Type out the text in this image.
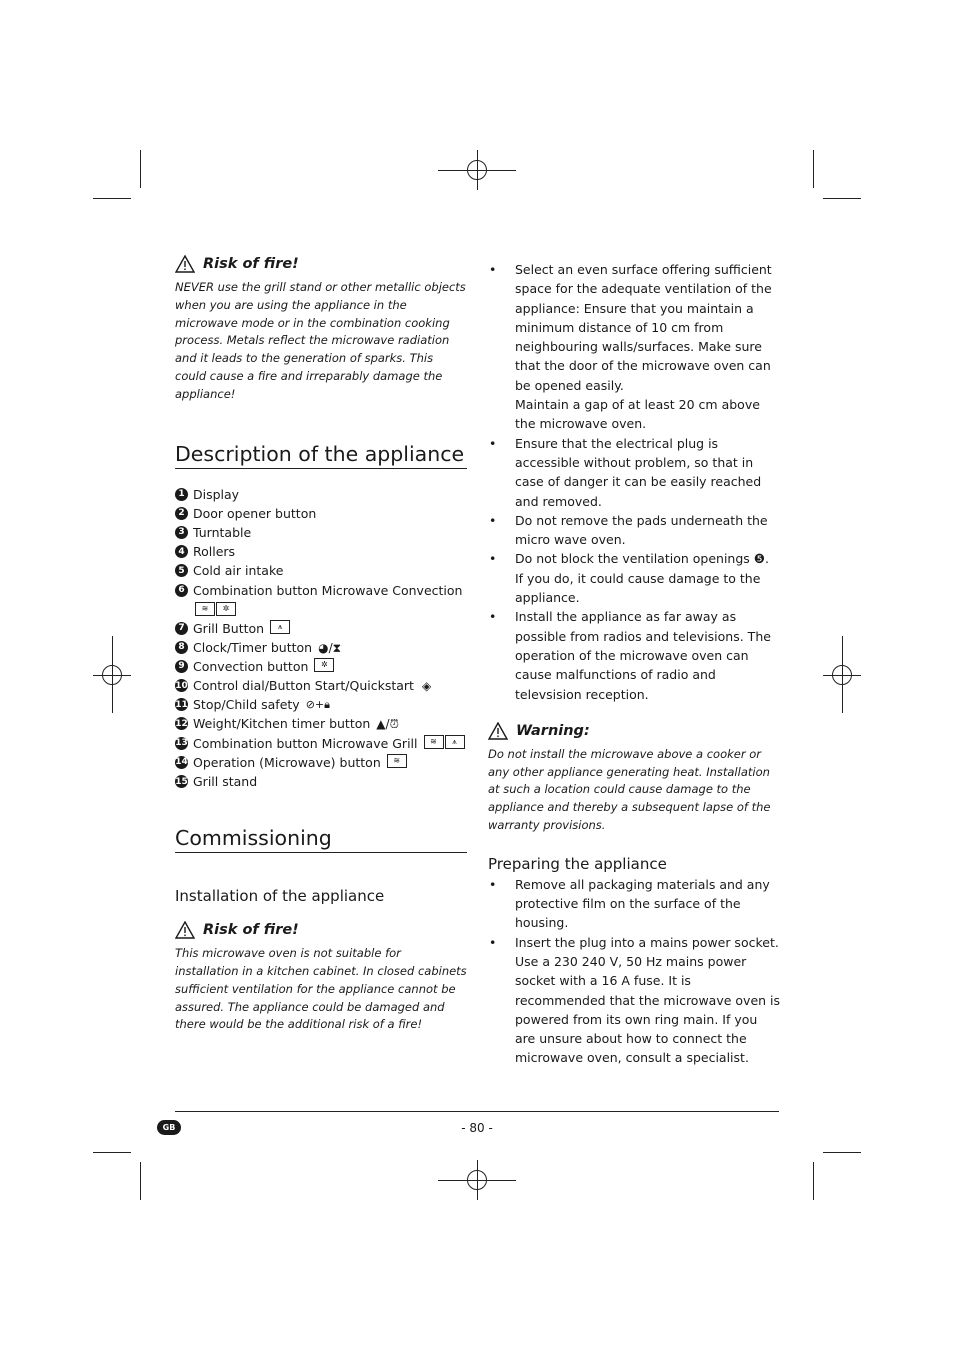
Risk of fire!
NEVER use the grill stand or other metallic objects when you are using the appliance in the microwave mode or in the combination cooking process. Metals reflect the microwave radiation and it leads to the generation of sparks. This could cause a fire and irreparably damage the appliance!
Description of the appliance
1 Display
2 Door opener button
3 Turntable
4 Rollers
5 Cold air intake
6 Combination button Microwave Convection
≋ ✲
7 Grill Button	⩚
8 Clock/Timer button ◕/⧗
9 Convection button	✲
10 Control dial/Button Start/Quickstart ◈
11 Stop/Child safety ⊘+🔒︎
12 Weight/Kitchen timer button ▲/⏰︎
13 Combination button Microwave Grill	≋	⩚
14 Operation (Microwave) button	≋
15 Grill stand
Commissioning
Installation of the appliance
Risk of fire!
This microwave oven is not suitable for installation in a kitchen cabinet. In closed cabinets sufficient ventilation for the appliance cannot be assured. The appliance could be damaged and there would be the additional risk of a fire!
• Select an even surface offering sufficient space for the adequate ventilation of the appliance: Ensure that you maintain a minimum distance of 10 cm from neighbouring walls/surfaces. Make sure that the door of the microwave oven can be opened easily.
Maintain a gap of at least 20 cm above the microwave oven.
• Ensure that the electrical plug is accessible without problem, so that in case of danger it can be easily reached and removed.
• Do not remove the pads underneath the micro wave oven.
• Do not block the ventilation openings ❺. If you do, it could cause damage to the appliance.
• Install the appliance as far away as possible from radios and televisions. The operation of the microwave oven can cause malfunctions of radio and televsision reception.
Warning:
Do not install the microwave above a cooker or any other appliance generating heat. Installation at such a location could cause damage to the appliance and thereby a subsequent lapse of the warranty provisions.
Preparing the appliance
• Remove all packaging materials and any protective film on the surface of the housing.
• Insert the plug into a mains power socket. Use a 230 240 V, 50 Hz mains power socket with a 16 A fuse. It is recommended that the microwave oven is powered from its own ring main. If you are unsure about how to connect the microwave oven, consult a specialist.
GB	- 80 -
